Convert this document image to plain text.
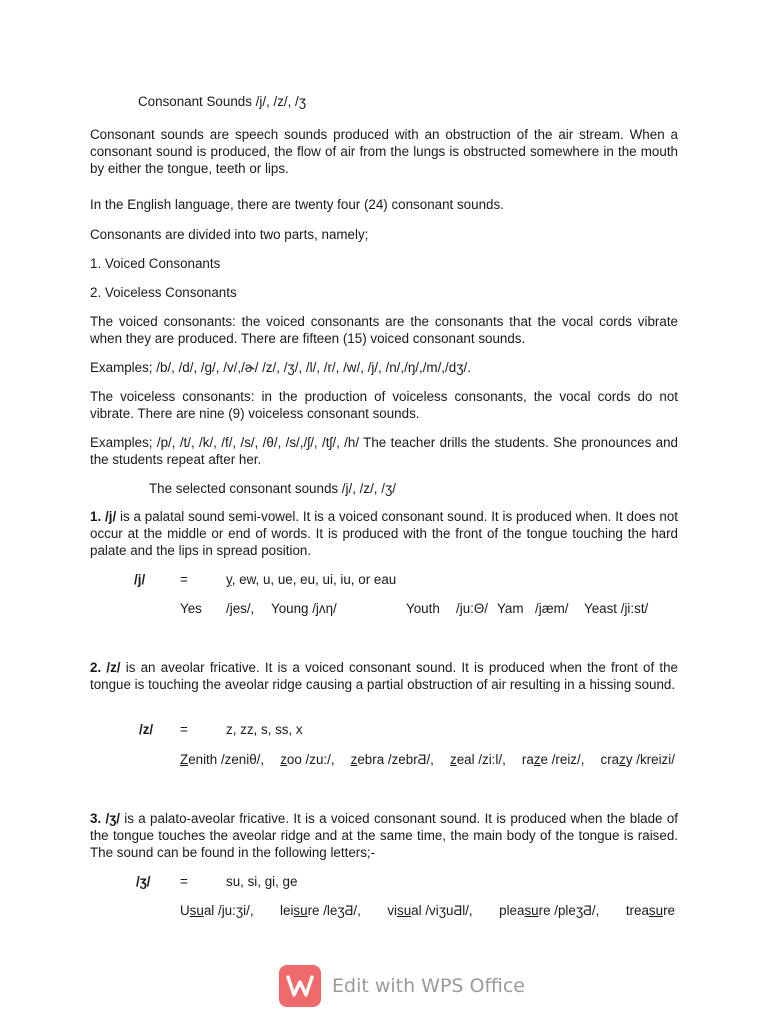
Consonant Sounds /j/, /z/, /ʒ
Consonant sounds are speech sounds produced with an obstruction of the air stream. When a consonant sound is produced, the flow of air from the lungs is obstructed somewhere in the mouth by either the tongue, teeth or lips.
In the English language, there are twenty four (24) consonant sounds.
Consonants are divided into two parts, namely;
1. Voiced Consonants
2. Voiceless Consonants
The voiced consonants: the voiced consonants are the consonants that the vocal cords vibrate when they are produced. There are fifteen (15) voiced consonant sounds.
Examples; /b/, /d/, /g/, /v/,/ɚ/ /z/, /ʒ/, /l/, /r/, /w/, /j/, /n/,/ŋ/,/m/,/dʒ/.
The voiceless consonants: in the production of voiceless consonants, the vocal cords do not vibrate. There are nine (9) voiceless consonant sounds.
Examples; /p/, /t/, /k/, /f/, /s/, /θ/, /s/,/ʃ/, /tʃ/, /h/ The teacher drills the students. She pronounces and the students repeat after her.
The selected consonant sounds /j/, /z/, /ʒ/
1. /j/ is a palatal sound semi-vowel. It is a voiced consonant sound. It is produced when. It does not occur at the middle or end of words. It is produced with the front of the tongue touching the hard palate and the lips in spread position.
/j/	=	y, ew, u, ue, eu, ui, iu, or eau
Yes /jes/, Young /jʌη/	Youth /ju:Θ/ Yam /jæm/ Yeast /ji:st/
2. /z/ is an aveolar fricative. It is a voiced consonant sound. It is produced when the front of the tongue is touching the aveolar ridge causing a partial obstruction of air resulting in a hissing sound.
/z/ =	z, zz, s, ss, x
Zenith /zeniθ/, zoo /zu:/, zebra /zebrƋ/, zeal /zi:l/, raze /reiz/, crazy /kreizi/
3. /ʒ/ is a palato-aveolar fricative. It is a voiced consonant sound. It is produced when the blade of the tongue touches the aveolar ridge and at the same time, the main body of the tongue is raised. The sound can be found in the following letters;-
/ʒ/ =	su, si, gi, ge
Usual /ju:ʒi/, leisure /leʒƋ/, visual /viʒuƋl/, pleasure /pleʒƋ/, treasure
Edit with WPS Office
